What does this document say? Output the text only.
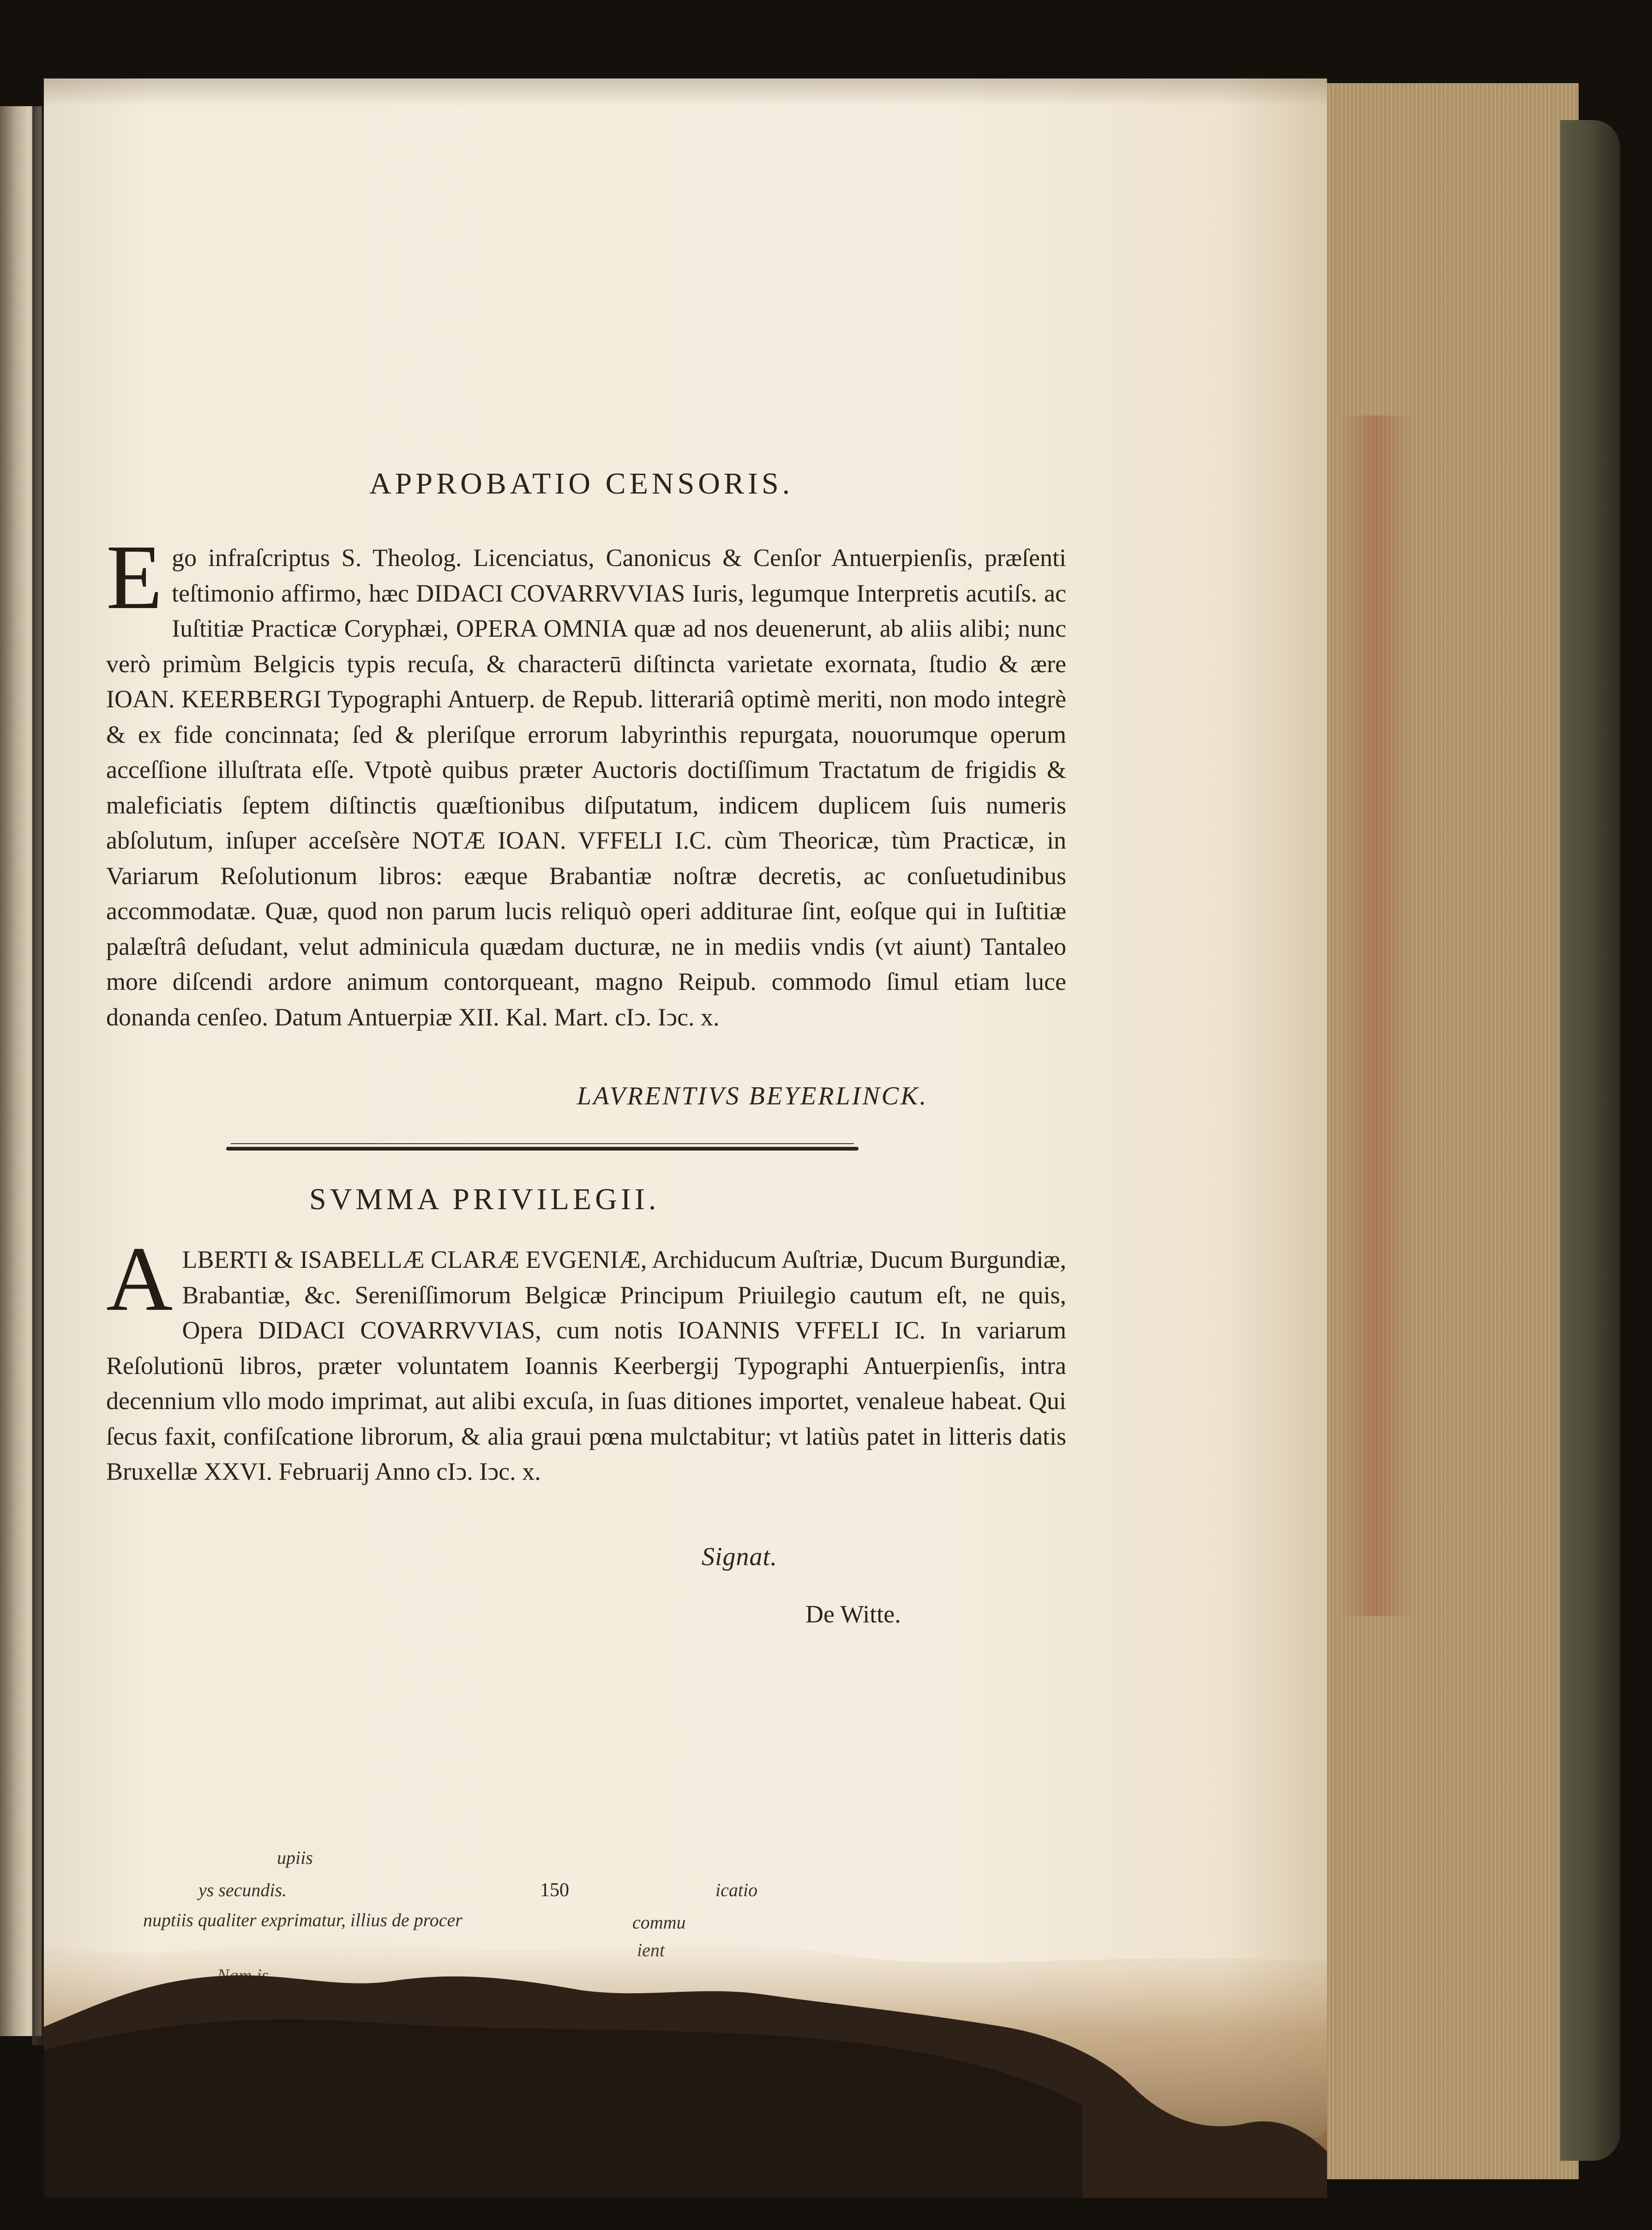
APPROBATIO CENSORIS.
Ego infraſcriptus S. Theolog. Licenciatus, Canonicus & Cenſor Antuerpienſis, præſenti teſtimonio affirmo, hæc DIDACI COVARRVVIAS Iuris, legumque Interpretis acutiſs. ac Iuſtitiæ Practicæ Coryphæi, OPERA OMNIA quæ ad nos deuenerunt, ab aliis alibi; nunc verò primùm Belgicis typis recuſa, & characterū diſtincta varietate exornata, ſtudio & ære IOAN. KEERBERGI Typographi Antuerp. de Repub. litterariâ optimè meriti, non modo integrè & ex fide concinnata; ſed & pleriſque errorum labyrinthis repurgata, nouorumque operum acceſſione illuſtrata eſſe. Vtpotè quibus præter Auctoris doctiſſimum Tractatum de frigidis & maleficiatis ſeptem diſtinctis quæſtionibus diſputatum, indicem duplicem ſuis numeris abſolutum, inſuper acceſsère NOTÆ IOAN. VFFELI I.C. cùm Theoricæ, tùm Practicæ, in Variarum Reſolutionum libros: eæque Brabantiæ noſtræ decretis, ac conſuetudinibus accommodatæ. Quæ, quod non parum lucis reliquò operi additurae ſint, eoſque qui in Iuſtitiæ palæſtrâ deſudant, velut adminicula quædam ducturæ, ne in mediis vndis (vt aiunt) Tantaleo more diſcendi ardore animum contorqueant, magno Reipub. commodo ſimul etiam luce donanda cenſeo. Datum Antuerpiæ XII. Kal. Mart. cIↄ. Iↄc. x.
LAVRENTIVS BEYERLINCK.
SVMMA PRIVILEGII.
ALBERTI & ISABELLÆ CLARÆ EVGENIÆ, Archiducum Auſtriæ, Ducum Burgundiæ, Brabantiæ, &c. Sereniſſimorum Belgicæ Principum Priuilegio cautum eſt, ne quis, Opera DIDACI COVARRVVIAS, cum notis IOANNIS VFFELI IC. In variarum Reſolutionū libros, præter voluntatem Ioannis Keerbergij Typographi Antuerpienſis, intra decennium vllo modo imprimat, aut alibi excuſa, in ſuas ditiones importet, venaleue habeat. Qui ſecus faxit, confiſcatione librorum, & alia graui pœna mulctabitur; vt latiùs patet in litteris datis Bruxellæ XXVI. Februarij Anno cIↄ. Iↄc. x.
Signat.
De Witte.
upiis
ys secundis.
nuptiis qualiter exprimatur, illius de procer
150	icatio
commu
